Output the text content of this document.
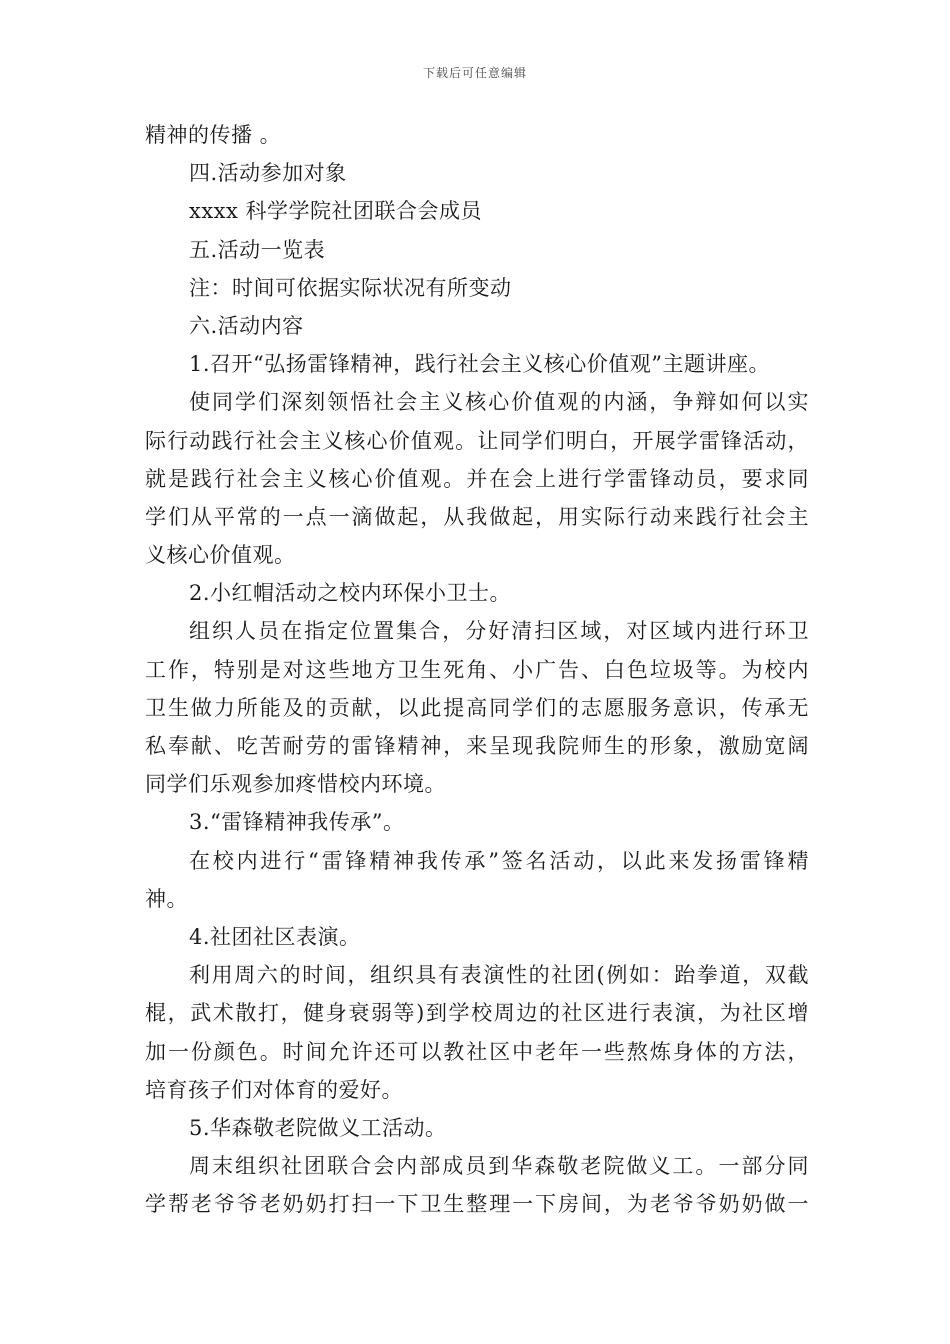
下载后可任意编辑
精神的传播 。
四.活动参加对象
xxxx 科学学院社团联合会成员
五.活动一览表
注：时间可依据实际状况有所变动
六.活动内容
1.召开“弘扬雷锋精神，践行社会主义核心价值观”主题讲座。
使同学们深刻领悟社会主义核心价值观的内涵，争辩如何以实
际行动践行社会主义核心价值观。让同学们明白，开展学雷锋活动，
就是践行社会主义核心价值观。并在会上进行学雷锋动员，要求同
学们从平常的一点一滴做起，从我做起，用实际行动来践行社会主
义核心价值观。
2.小红帽活动之校内环保小卫士。
组织人员在指定位置集合，分好清扫区域，对区域内进行环卫
工作，特别是对这些地方卫生死角、小广告、白色垃圾等。为校内
卫生做力所能及的贡献，以此提高同学们的志愿服务意识，传承无
私奉献、吃苦耐劳的雷锋精神，来呈现我院师生的形象，激励宽阔
同学们乐观参加疼惜校内环境。
3.“雷锋精神我传承”。
在校内进行“雷锋精神我传承”签名活动，以此来发扬雷锋精
神。
4.社团社区表演。
利用周六的时间，组织具有表演性的社团(例如：跆拳道，双截
棍，武术散打，健身衰弱等)到学校周边的社区进行表演，为社区增
加一份颜色。时间允许还可以教社区中老年一些熬炼身体的方法，
培育孩子们对体育的爱好。
5.华森敬老院做义工活动。
周末组织社团联合会内部成员到华森敬老院做义工。一部分同
学帮老爷爷老奶奶打扫一下卫生整理一下房间，为老爷爷奶奶做一
